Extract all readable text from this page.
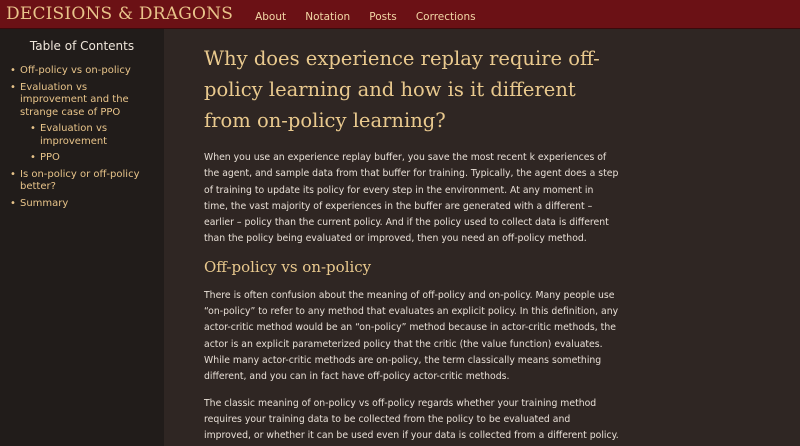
DECISIONS & DRAGONS About Notation Posts Corrections
Table of Contents
• Off-policy vs on-policy
• Evaluation vs improvement and the strange case of PPO
• Evaluation vs improvement
• PPO
• Is on-policy or off-policy better?
• Summary
Why does experience replay require off-policy learning and how is it different from on-policy learning?

When you use an experience replay buffer, you save the most recent k experiences of the agent, and sample data from that buffer for training. Typically, the agent does a step of training to update its policy for every step in the environment. At any moment in time, the vast majority of experiences in the buffer are generated with a different – earlier – policy than the current policy. And if the policy used to collect data is different than the policy being evaluated or improved, then you need an off-policy method.

Off-policy vs on-policy

There is often confusion about the meaning of off-policy and on-policy. Many people use “on-policy” to refer to any method that evaluates an explicit policy. In this definition, any actor-critic method would be an “on-policy” method because in actor-critic methods, the actor is an explicit parameterized policy that the critic (the value function) evaluates. While many actor-critic methods are on-policy, the term classically means something different, and you can in fact have off-policy actor-critic methods.

The classic meaning of on-policy vs off-policy regards whether your training method requires your training data to be collected from the policy to be evaluated and improved, or whether it can be used even if your data is collected from a different policy.
